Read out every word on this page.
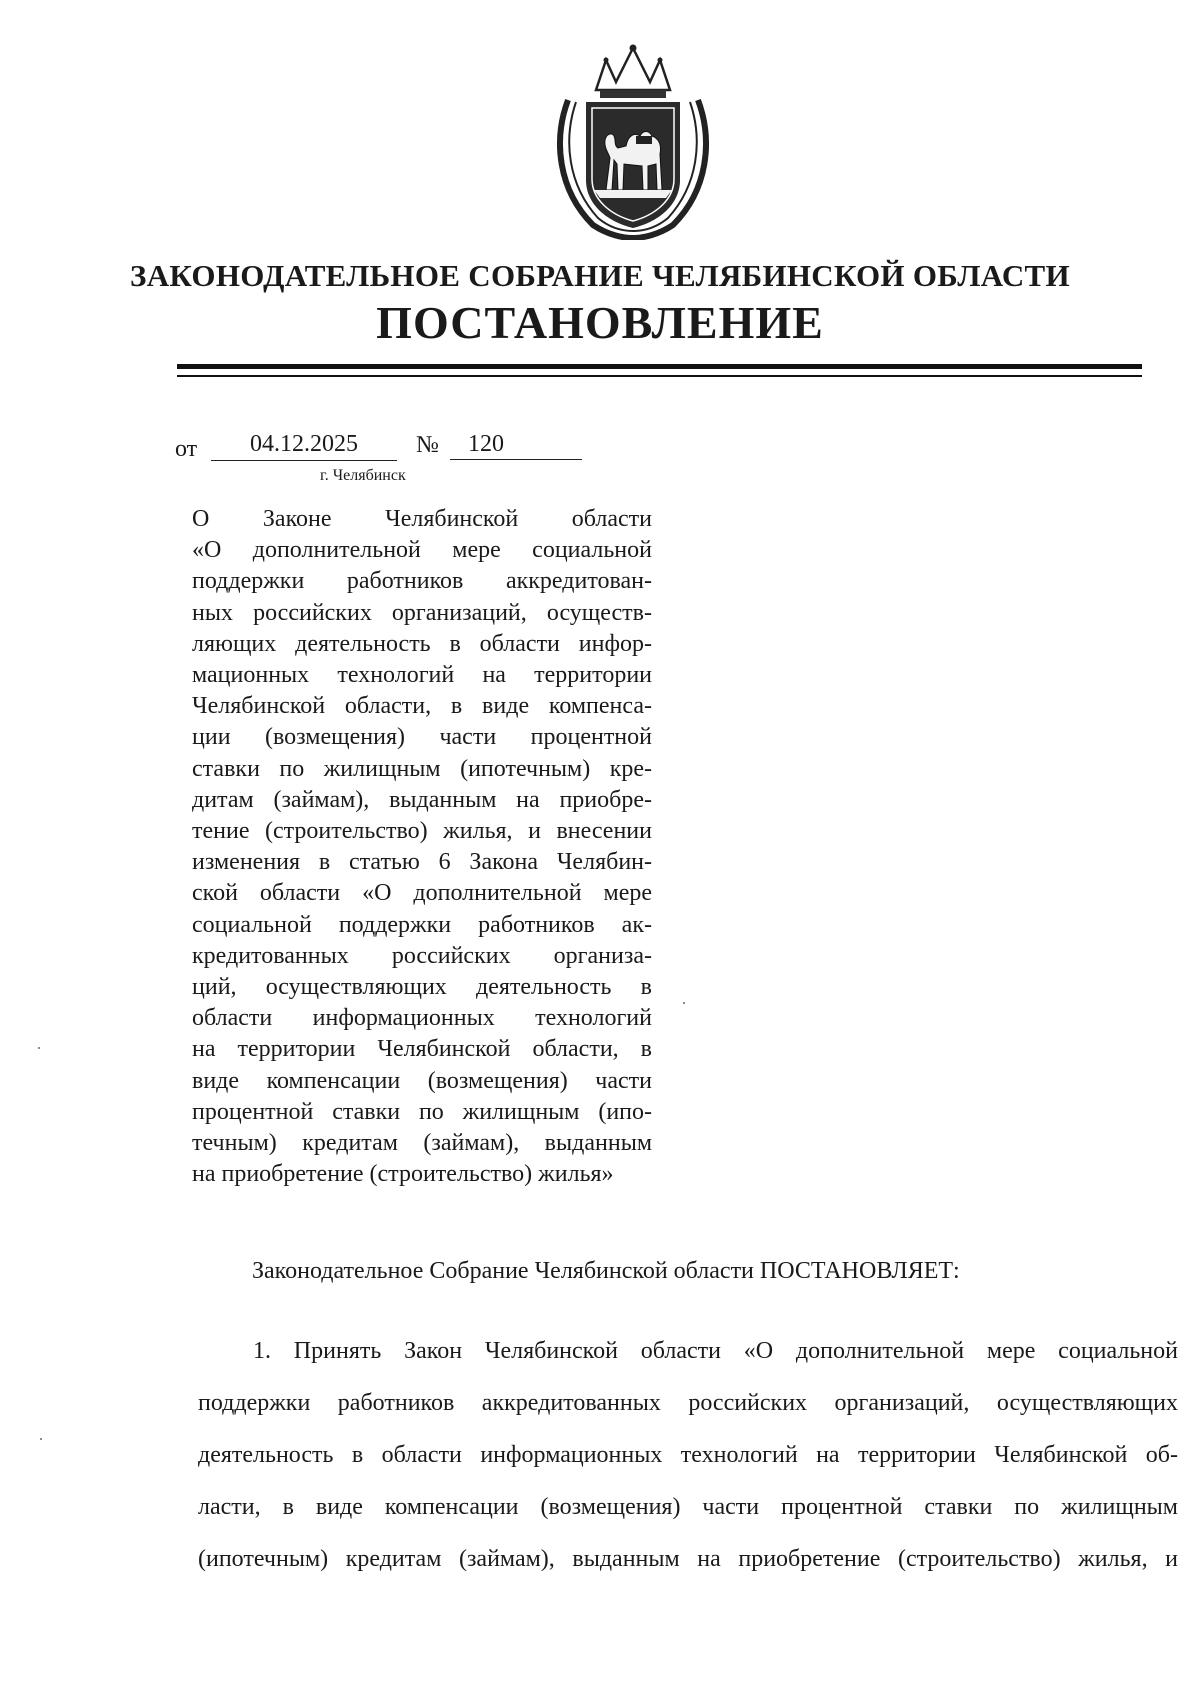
ЗАКОНОДАТЕЛЬНОЕ СОБРАНИЕ ЧЕЛЯБИНСКОЙ ОБЛАСТИ
ПОСТАНОВЛЕНИЕ
от	04.12.2025	№	120
г. Челябинск
О Законе Челябинской области
«О дополнительной мере социальной
поддержки работников аккредитован-
ных российских организаций, осуществ-
ляющих деятельность в области инфор-
мационных технологий на территории
Челябинской области, в виде компенса-
ции (возмещения) части процентной
ставки по жилищным (ипотечным) кре-
дитам (займам), выданным на приобре-
тение (строительство) жилья, и внесении
изменения в статью 6 Закона Челябин-
ской области «О дополнительной мере
социальной поддержки работников ак-
кредитованных российских организа-
ций, осуществляющих деятельность в
области информационных технологий
на территории Челябинской области, в
виде компенсации (возмещения) части
процентной ставки по жилищным (ипо-
течным) кредитам (займам), выданным
на приобретение (строительство) жилья»
Законодательное Собрание Челябинской области ПОСТАНОВЛЯЕТ:
1. Принять Закон Челябинской области «О дополнительной мере социальной
поддержки работников аккредитованных российских организаций, осуществляющих
деятельность в области информационных технологий на территории Челябинской об-
ласти, в виде компенсации (возмещения) части процентной ставки по жилищным
(ипотечным) кредитам (займам), выданным на приобретение (строительство) жилья, и
